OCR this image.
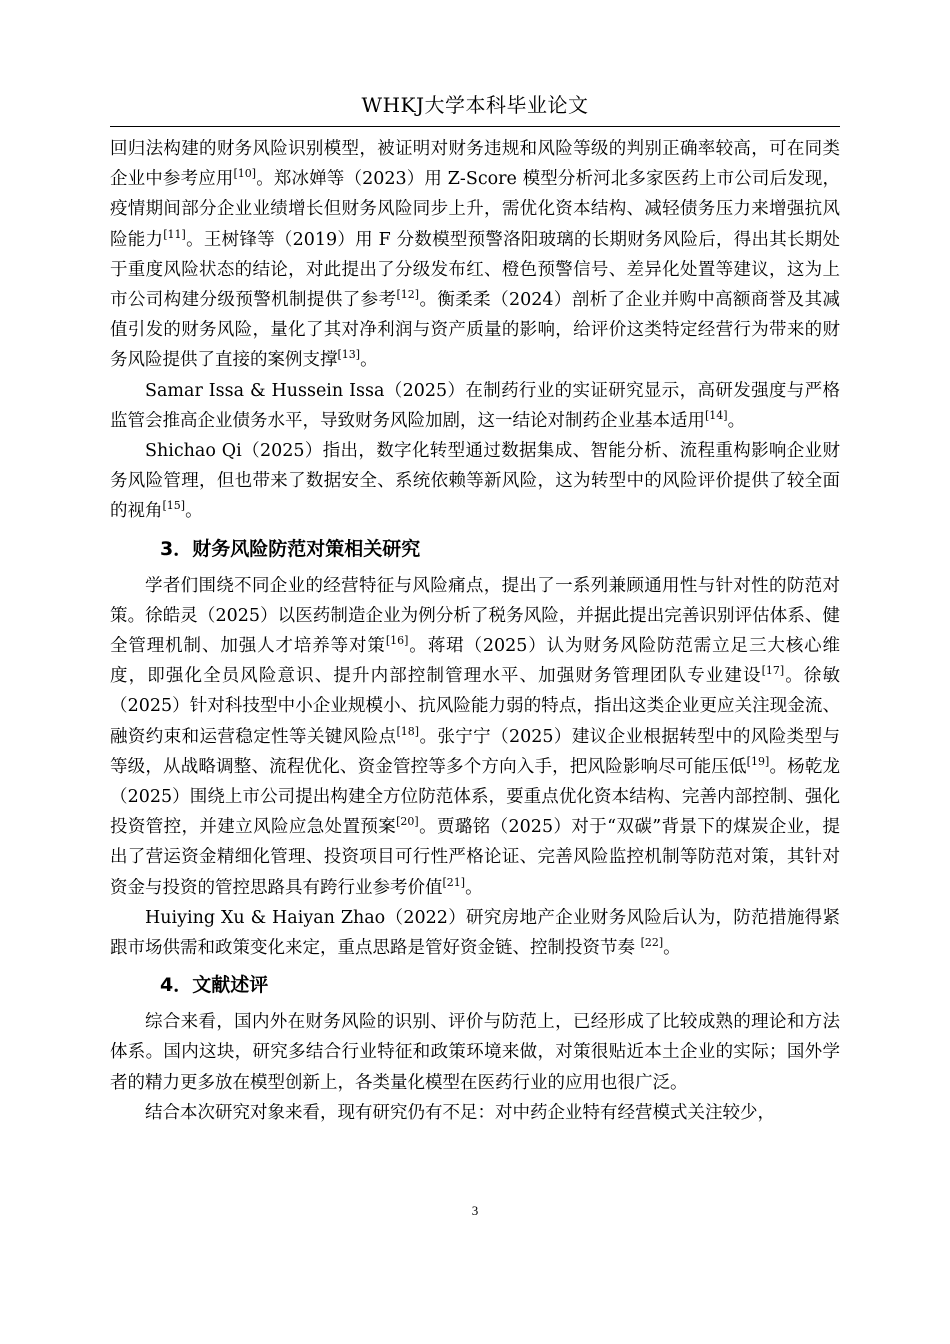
WHKJ大学本科毕业论文

回归法构建的财务风险识别模型，被证明对财务违规和风险等级的判别正确率较高，可在同类企业中参考应用[10]。郑冰婵等（2023）用 Z-Score 模型分析河北多家医药上市公司后发现，疫情期间部分企业业绩增长但财务风险同步上升，需优化资本结构、减轻债务压力来增强抗风险能力[11]。王树锋等（2019）用 F 分数模型预警洛阳玻璃的长期财务风险后，得出其长期处于重度风险状态的结论，对此提出了分级发布红、橙色预警信号、差异化处置等建议，这为上市公司构建分级预警机制提供了参考[12]。衡柔柔（2024）剖析了企业并购中高额商誉及其减值引发的财务风险，量化了其对净利润与资产质量的影响，给评价这类特定经营行为带来的财务风险提供了直接的案例支撑[13]。

Samar Issa & Hussein Issa（2025）在制药行业的实证研究显示，高研发强度与严格监管会推高企业债务水平，导致财务风险加剧，这一结论对制药企业基本适用[14]。

Shichao Qi（2025）指出，数字化转型通过数据集成、智能分析、流程重构影响企业财务风险管理，但也带来了数据安全、系统依赖等新风险，这为转型中的风险评价提供了较全面的视角[15]。

3．财务风险防范对策相关研究

学者们围绕不同企业的经营特征与风险痛点，提出了一系列兼顾通用性与针对性的防范对策。徐皓灵（2025）以医药制造企业为例分析了税务风险，并据此提出完善识别评估体系、健全管理机制、加强人才培养等对策[16]。蒋珺（2025）认为财务风险防范需立足三大核心维度，即强化全员风险意识、提升内部控制管理水平、加强财务管理团队专业建设[17]。徐敏（2025）针对科技型中小企业规模小、抗风险能力弱的特点，指出这类企业更应关注现金流、融资约束和运营稳定性等关键风险点[18]。张宁宁（2025）建议企业根据转型中的风险类型与等级，从战略调整、流程优化、资金管控等多个方向入手，把风险影响尽可能压低[19]。杨乾龙（2025）围绕上市公司提出构建全方位防范体系，要重点优化资本结构、完善内部控制、强化投资管控，并建立风险应急处置预案[20]。贾璐铭（2025）对于“双碳”背景下的煤炭企业，提出了营运资金精细化管理、投资项目可行性严格论证、完善风险监控机制等防范对策，其针对资金与投资的管控思路具有跨行业参考价值[21]。

Huiying Xu & Haiyan Zhao（2022）研究房地产企业财务风险后认为，防范措施得紧跟市场供需和政策变化来定，重点思路是管好资金链、控制投资节奏 [22]。

4．文献述评

综合来看，国内外在财务风险的识别、评价与防范上，已经形成了比较成熟的理论和方法体系。国内这块，研究多结合行业特征和政策环境来做，对策很贴近本土企业的实际；国外学者的精力更多放在模型创新上，各类量化模型在医药行业的应用也很广泛。

结合本次研究对象来看，现有研究仍有不足：对中药企业特有经营模式关注较少，

3
